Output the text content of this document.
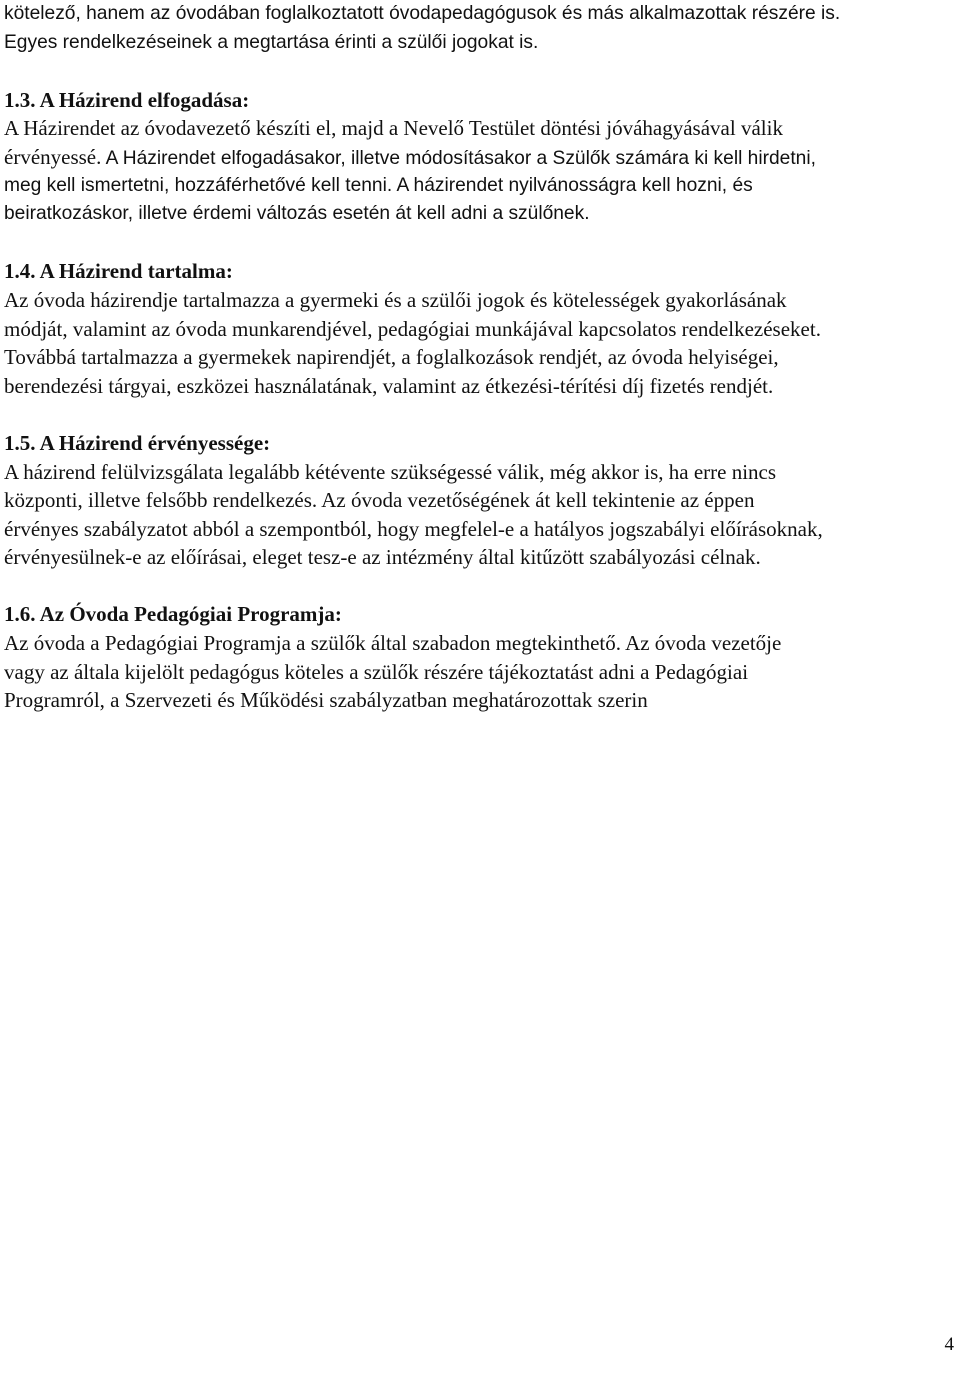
kötelező, hanem az óvodában foglalkoztatott óvodapedagógusok és más alkalmazottak részére is.
Egyes rendelkezéseinek a megtartása érinti a szülői jogokat is.
1.3. A Házirend elfogadása:
A Házirendet az óvodavezető készíti el, majd a Nevelő Testület döntési jóváhagyásával válik
érvényessé. A Házirendet elfogadásakor, illetve módosításakor a Szülők számára ki kell hirdetni,
meg kell ismertetni, hozzáférhetővé kell tenni. A házirendet nyilvánosságra kell hozni, és
beiratkozáskor, illetve érdemi változás esetén át kell adni a szülőnek.
1.4. A Házirend tartalma:
Az óvoda házirendje tartalmazza a gyermeki és a szülői jogok és kötelességek gyakorlásának
módját, valamint az óvoda munkarendjével, pedagógiai munkájával kapcsolatos rendelkezéseket.
Továbbá tartalmazza a gyermekek napirendjét, a foglalkozások rendjét, az óvoda helyiségei,
berendezési tárgyai, eszközei használatának, valamint az étkezési-térítési díj fizetés rendjét.
1.5. A Házirend érvényessége:
A házirend felülvizsgálata legalább kétévente szükségessé válik, még akkor is, ha erre nincs
központi, illetve felsőbb rendelkezés. Az óvoda vezetőségének át kell tekintenie az éppen
érvényes szabályzatot abból a szempontból, hogy megfelel-e a hatályos jogszabályi előírásoknak,
érvényesülnek-e az előírásai, eleget tesz-e az intézmény által kitűzött szabályozási célnak.
1.6. Az Óvoda Pedagógiai Programja:
Az óvoda a Pedagógiai Programja a szülők által szabadon megtekinthető. Az óvoda vezetője
vagy az általa kijelölt pedagógus köteles a szülők részére tájékoztatást adni a Pedagógiai
Programról, a Szervezeti és Működési szabályzatban meghatározottak szerin
4
